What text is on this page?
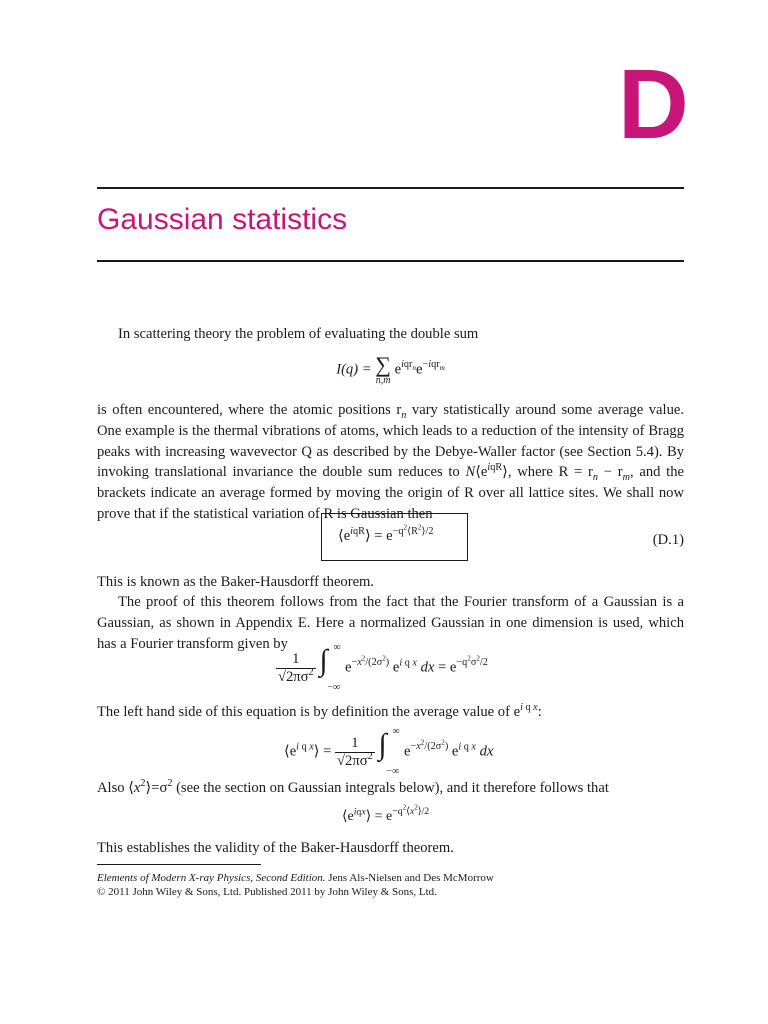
D
Gaussian statistics
In scattering theory the problem of evaluating the double sum
I(q) = ∑
n,m
$e^{iqr_n}e^{-iqr_m}$
is often encountered, where the atomic positions $r_n$ vary statistically around some average value. One example is the thermal vibrations of atoms, which leads to a reduction of the intensity of Bragg peaks with increasing wavevector Q as described by the Debye-Waller factor (see Section 5.4). By invoking translational invariance the double sum reduces to $N⟨e^{iqR}⟩$, where $R = r_n - r_m$, and the brackets indicate an average formed by moving the origin of R over all lattice sites. We shall now prove that if the statistical variation of R is Gaussian then
$⟨e^{iqR}⟩ = e^{-q^2⟨R^2⟩/2}$
(D.1)
This is known as the Baker-Hausdorff theorem.
The proof of this theorem follows from the fact that the Fourier transform of a Gaussian is a Gaussian, as shown in Appendix E. Here a normalized Gaussian in one dimension is used, which has a Fourier transform given by
$\frac{1}{√2\pi\sigma^2}$
∫ ∞
−∞
$e^{-x^2/(2\sigma^2)}$ $e^{i q x}$ dx = $e^{-q^2\sigma^2/2}$
The left hand side of this equation is by definition the average value of $e^{i q x}$:
$⟨e^{i q x}⟩ = \frac{1}{√2\pi\sigma^2}$
∫ ∞
−∞
$e^{-x^2/(2\sigma^2)}$ $e^{i q x}$ dx
Also $⟨x^2⟩=\sigma^2$ (see the section on Gaussian integrals below), and it therefore follows that
$⟨e^{iqx}⟩ = e^{-q^2⟨x^2⟩/2}$
This establishes the validity of the Baker-Hausdorff theorem.
Elements of Modern X-ray Physics, Second Edition. Jens Als-Nielsen and Des McMorrow
© 2011 John Wiley & Sons, Ltd. Published 2011 by John Wiley & Sons, Ltd.
